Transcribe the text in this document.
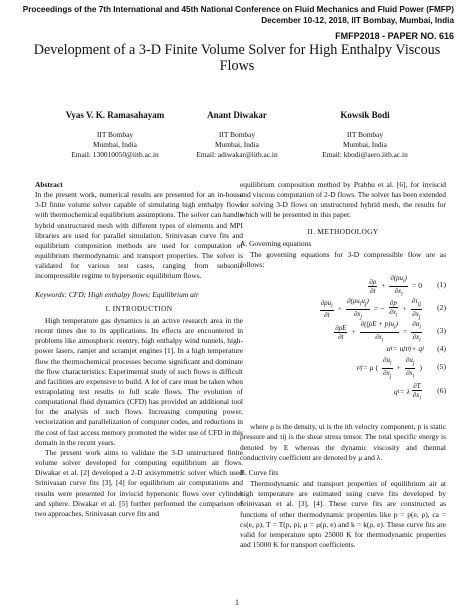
Proceedings of the 7th International and 45th National Conference on Fluid Mechanics and Fluid Power (FMFP)
December 10-12, 2018, IIT Bombay, Mumbai, India
FMFP2018 - PAPER NO. 616
Development of a 3-D Finite Volume Solver for High Enthalpy Viscous Flows
Vyas V. K. Ramasahayam
IIT Bombay
Mumbai, India
Email: 130010050@iitb.ac.in
Anant Diwakar
IIT Bombay
Mumbai, India
Email: adiwakar@iitb.ac.in
Kowsik Bodi
IIT Bombay
Mumbai, India
Email: kbodi@aero.iitb.ac.in

Abstract

In the present work, numerical results are presented for an in-house 3-D finite volume solver capable of simulating high enthalpy flows with thermochemical equilibrium assumptions. The solver can handle hybrid unstructured mesh with different types of elements and MPI libraries are used for parallel simulation. Srinivasan curve fits and equilibrium composition methods are used for computation of equilibrium thermodynamic and transport properties. The solver is validated for various test cases, ranging from subsonic incompressible regime to hypersonic equilibrium flows.

Keywords: CFD; High enthalpy flows; Equilibrium air

I. INTRODUCTION

High temperature gas dynamics is an active research area in the recent times due to its applications. Its effects are encountered in problems like atmospheric reentry, high enthalpy wind tunnels, high-power lasers, ramjet and scramjet engines [1]. In a high temperature flow the thermochemical processes become significant and dominate the flow characteristics. Experimental study of such flows is difficult and facilities are expensive to build. A lot of care must be taken when extrapolating test results to full scale flows. The evolution of computational fluid dynamics (CFD) has provided an additional tool for the analysis of such flows. Increasing computing power, vectorization and parallelization of computer codes, and reductions in the cost of fast access memory promoted the wider use of CFD in this domain in the recent years.

The present work aims to validate the 3-D unstructured finite volume solver developed for computing equilibrium air flows. Diwakar et al. [2] developed a 2-D axisymmetric solver which used Srinivasan curve fits [3], [4] for equilibrium air computations and results were presented for inviscid hypersonic flows over cylinder and sphere. Diwakar et al. [5] further performed the comparison of two approaches, Srinivasan curve fits and

equilibrium composition method by Prabhu et al. [6], for inviscid and viscous computation of 2-D flows. The solver has been extended for solving 3-D flows on unstructured hybrid mesh, the results for which will be presented in this paper.

II. METHODOLOGY

A. Governing equations

The governing equations for 3-D compressible flow are as follows:

$\frac{\partial\rho}{\partial t} + \frac{\partial(\rho u_i)}{\partial x_i} = 0$ (1)
$\frac{\partial\rho u_i}{\partial t} + \frac{\partial(\rho u_iu_j)}{\partial x_j}$ = − $\frac{\partial p}{\partial x_i} + \frac{\partial\tau_{ij}}{\partial x_j} (2)$
$\frac{\partial\rho E}{\partial t} + \frac{\partial((\rho E + p)u_i)}{\partial x_i} = \frac{\partial\alpha_i}{\partial x_i} (3)$
α i = u j τ ij + q i (4)
τ ij = μ ( $\frac{\partial u_i}{\partial x_j} + \frac{\partial u_j}{\partial x_i}$ ) (5)
q i = λ $\frac{\partial T}{\partial x_i} (6)$

where ρ is the density, ui is the ith velocity component, p is static pressure and τij is the shear stress tensor. The total specific energy is denoted by E whereas the dynamic viscosity and thermal conductivity coefficient are denoted by μ and λ.

B. Curve fits

Thermodynamic and transport properties of equilibrium air at high temperature are estimated using curve fits developed by Srinivasan et al. [3], [4]. These curve fits are constructed as functions of other thermodynamic properties like p = p(e, ρ), ca = cs(e, ρ), T = T(p, ρ), μ = μ(ρ, e) and k = k(ρ, e). These curve fits are valid for temperature upto 25000 K for thermodynamic properties and 15000 K for transport coefficients.

1
